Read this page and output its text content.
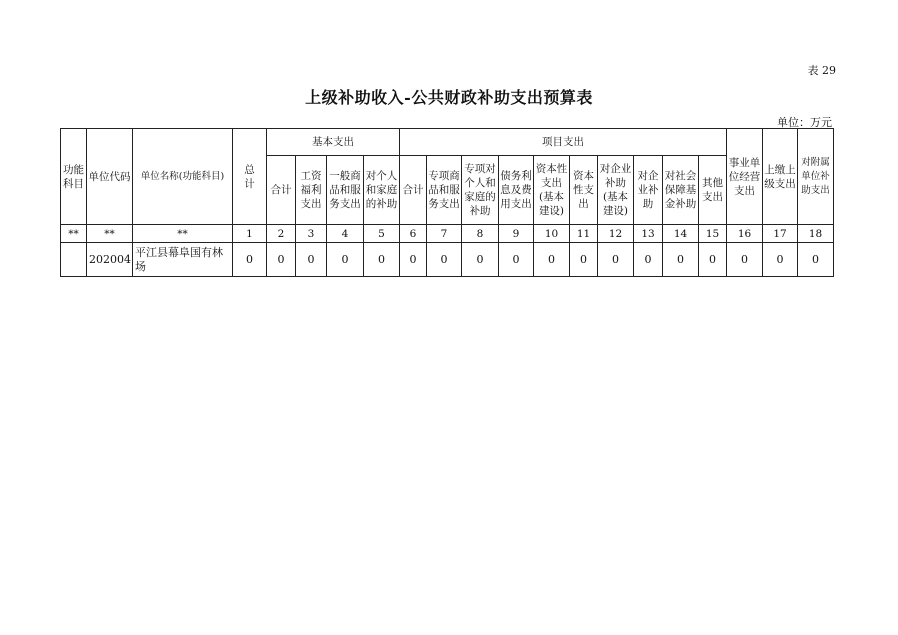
表 29
上级补助收入-公共财政补助支出预算表
单位：万元
功能科目	单位代码	单位名称(功能科目)	总　计	基本支出				项目支出										事业单位经营支出	上缴上级支出	对附属单位补助支出
				合计	工资福利支出	一般商品和服务支出	对个人和家庭的补助	合计	专项商品和服务支出	专项对个人和家庭的补助	债务利息及费用支出	资本性支出(基本建设)	资本性支出	对企业补助(基本建设)	对企业补助	对社会保障基金补助	其他支出			
**	**	**	1	2	3	4	5	6	7	8	9	10	11	12	13	14	15	16	17	18
	202004	平江县幕阜国有林场	0	0	0	0	0	0	0	0	0	0	0	0	0	0	0	0	0	0
